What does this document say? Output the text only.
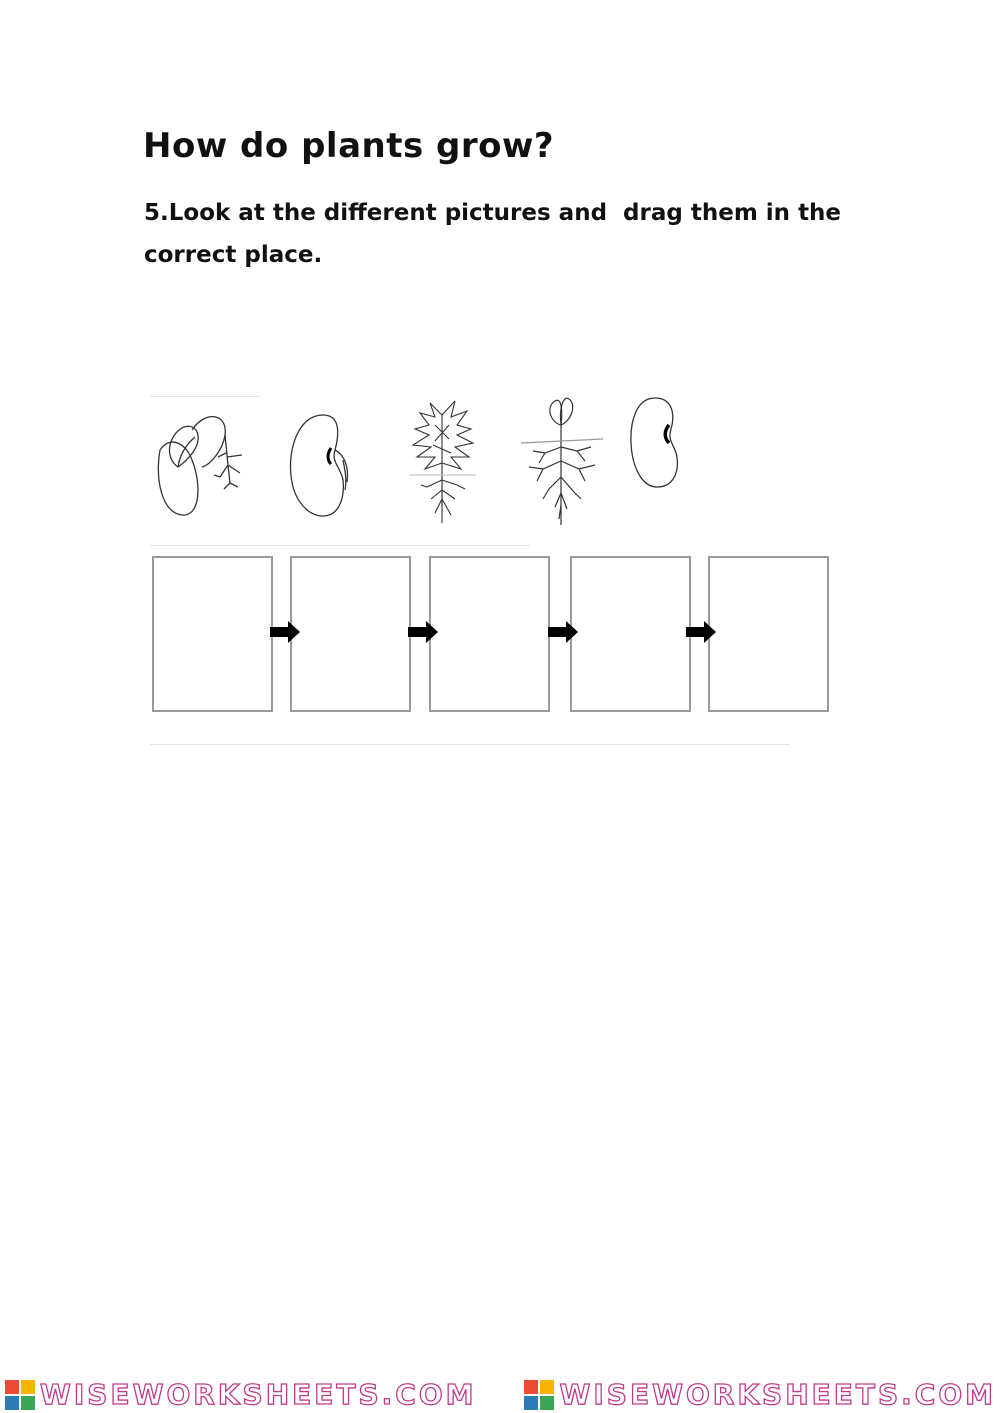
How do plants grow?

5.Look at the different pictures and  drag them in the correct place.

WISEWORKSHEETS.COM	WISEWORKSHEETS.COM
